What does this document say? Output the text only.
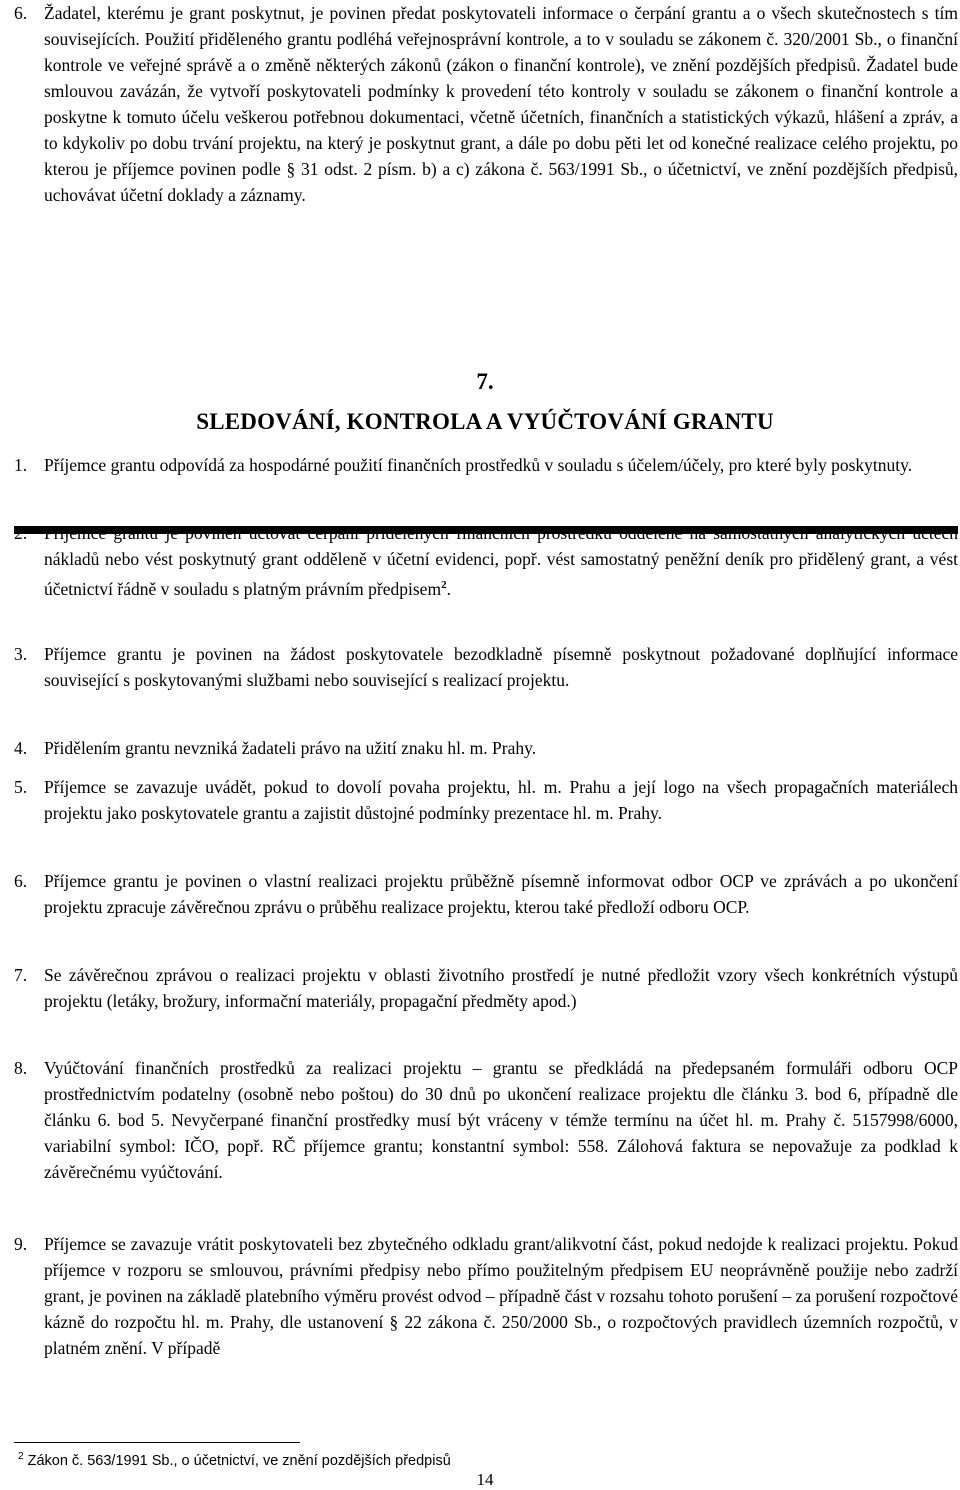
6. Žadatel, kterému je grant poskytnut, je povinen předat poskytovateli informace o čerpání grantu a o všech skutečnostech s tím souvisejících. Použití přiděleného grantu podléhá veřejnosprávní kontrole, a to v souladu se zákonem č. 320/2001 Sb., o finanční kontrole ve veřejné správě a o změně některých zákonů (zákon o finanční kontrole), ve znění pozdějších předpisů. Žadatel bude smlouvou zavázán, že vytvoří poskytovateli podmínky k provedení této kontroly v souladu se zákonem o finanční kontrole a poskytne k tomuto účelu veškerou potřebnou dokumentaci, včetně účetních, finančních a statistických výkazů, hlášení a zpráv, a to kdykoliv po dobu trvání projektu, na který je poskytnut grant, a dále po dobu pěti let od konečné realizace celého projektu, po kterou je příjemce povinen podle § 31 odst. 2 písm. b) a c) zákona č. 563/1991 Sb., o účetnictví, ve znění pozdějších předpisů, uchovávat účetní doklady a záznamy.
7.
SLEDOVÁNÍ, KONTROLA A VYÚČTOVÁNÍ GRANTU
1. Příjemce grantu odpovídá za hospodárné použití finančních prostředků v souladu s účelem/účely, pro které byly poskytnuty.
2. Příjemce grantu je povinen účtovat čerpání přidělených finančních prostředků odděleně na samostatných analytických účtech nákladů nebo vést poskytnutý grant odděleně v účetní evidenci, popř. vést samostatný peněžní deník pro přidělený grant, a vést účetnictví řádně v souladu s platným právním předpisem$^2$.
3. Příjemce grantu je povinen na žádost poskytovatele bezodkladně písemně poskytnout požadované doplňující informace související s poskytovanými službami nebo související s realizací projektu.
4. Přidělením grantu nevzniká žadateli právo na užití znaku hl. m. Prahy.
5. Příjemce se zavazuje uvádět, pokud to dovolí povaha projektu, hl. m. Prahu a její logo na všech propagačních materiálech projektu jako poskytovatele grantu a zajistit důstojné podmínky prezentace hl. m. Prahy.
6. Příjemce grantu je povinen o vlastní realizaci projektu průběžně písemně informovat odbor OCP ve zprávách a po ukončení projektu zpracuje závěrečnou zprávu o průběhu realizace projektu, kterou také předloží odboru OCP.
7. Se závěrečnou zprávou o realizaci projektu v oblasti životního prostředí je nutné předložit vzory všech konkrétních výstupů projektu (letáky, brožury, informační materiály, propagační předměty apod.)
8. Vyúčtování finančních prostředků za realizaci projektu – grantu se předkládá na předepsaném formuláři odboru OCP prostřednictvím podatelny (osobně nebo poštou) do 30 dnů po ukončení realizace projektu dle článku 3. bod 6, případně dle článku 6. bod 5. Nevyčerpané finanční prostředky musí být vráceny v témže termínu na účet hl. m. Prahy č. 5157998/6000, variabilní symbol: IČO, popř. RČ příjemce grantu; konstantní symbol: 558. Zálohová faktura se nepovažuje za podklad k závěrečnému vyúčtování.
9. Příjemce se zavazuje vrátit poskytovateli bez zbytečného odkladu grant/alikvotní část, pokud nedojde k realizaci projektu. Pokud příjemce v rozporu se smlouvou, právními předpisy nebo přímo použitelným předpisem EU neoprávněně použije nebo zadrží grant, je povinen na základě platebního výměru provést odvod – případně část v rozsahu tohoto porušení – za porušení rozpočtové kázně do rozpočtu hl. m. Prahy, dle ustanovení § 22 zákona č. 250/2000 Sb., o rozpočtových pravidlech územních rozpočtů, v platném znění. V případě
$^2$ Zákon č. 563/1991 Sb., o účetnictví, ve znění pozdějších předpisů
14
